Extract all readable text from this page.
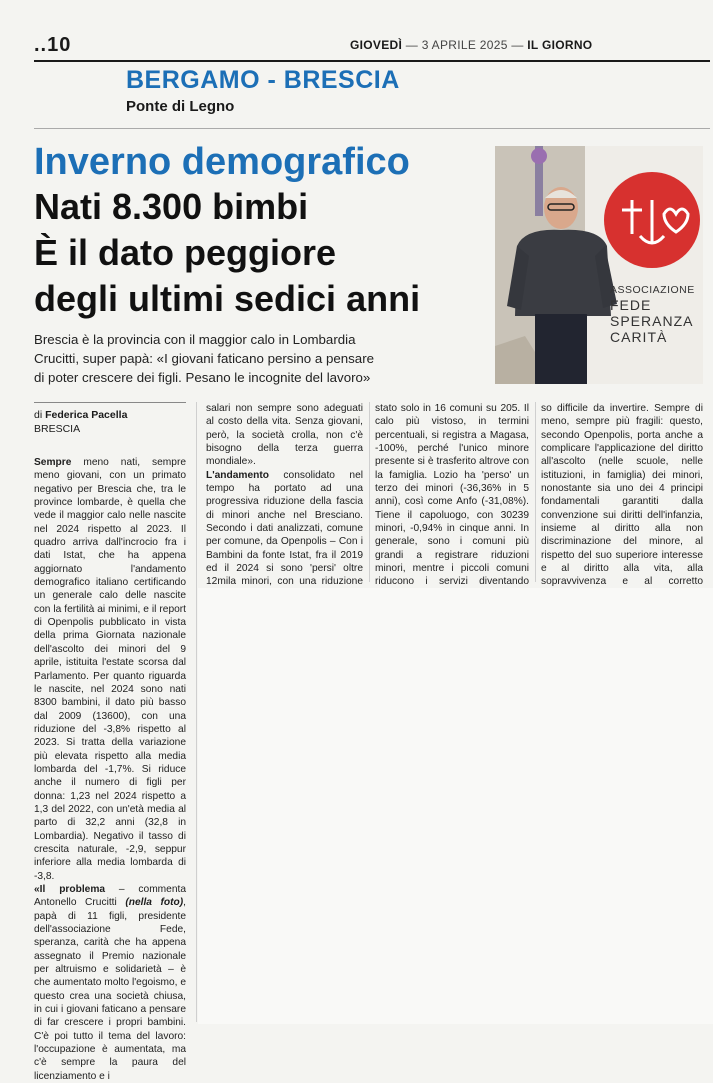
..10	GIOVEDÌ — 3 APRILE 2025 — IL GIORNO
BERGAMO - BRESCIA
Ponte di Legno
Inverno demografico
Nati 8.300 bimbi
È il dato peggiore
degli ultimi sedici anni
Brescia è la provincia con il maggior calo in Lombardia
Crucitti, super papà: «I giovani faticano persino a pensare
di poter crescere dei figli. Pesano le incognite del lavoro»
ASSOCIAZIONE
FEDE
SPERANZA
CARITÀ
di Federica Pacella
BRESCIA

Sempre meno nati, sempre meno giovani, con un primato negativo per Brescia che, tra le province lombarde, è quella che vede il maggior calo nelle nascite nel 2024 rispetto al 2023. Il quadro arriva dall'incrocio fra i dati Istat, che ha appena aggiornato l'andamento demografico italiano certificando un generale calo delle nascite con la fertilità ai minimi, e il report di Openpolis pubblicato in vista della prima Giornata nazionale dell'ascolto dei minori del 9 aprile, istituita l'estate scorsa dal Parlamento. Per quanto riguarda le nascite, nel 2024 sono nati 8300 bambini, il dato più basso dal 2009 (13600), con una riduzione del -3,8% rispetto al 2023. Si tratta della variazione più elevata rispetto alla media lombarda del -1,7%. Si riduce anche il numero di figli per donna: 1,23 nel 2024 rispetto a 1,3 del 2022, con un'età media al parto di 32,2 anni (32,8 in Lombardia). Negativo il tasso di crescita naturale, -2,9, seppur inferiore alla media lombarda di -3,8.

«Il problema – commenta Antonello Crucitti (nella foto), papà di 11 figli, presidente dell'associazione Fede, speranza, carità che ha appena assegnato il Premio nazionale per altruismo e solidarietà – è che aumentato molto l'egoismo, e questo crea una società chiusa, in cui i giovani faticano a pensare di far crescere i propri bambini. C'è poi tutto il tema del lavoro: l'occupazione è aumentata, ma c'è sempre la paura del licenziamento e i

salari non sempre sono adeguati al costo della vita. Senza giovani, però, la società crolla, non c'è bisogno della terza guerra mondiale».

L'andamento consolidato nel tempo ha portato ad una progressiva riduzione della fascia di minori anche nel Bresciano. Secondo i dati analizzati, comune per comune, da Openpolis – Con i Bambini da fonte Istat, fra il 2019 ed il 2024 si sono 'persi' oltre 12mila minori, con una riduzione

stato solo in 16 comuni su 205. Il calo più vistoso, in termini percentuali, si registra a Magasa, -100%, perché l'unico minore presente si è trasferito altrove con la famiglia. Lozio ha 'perso' un terzo dei minori (-36,36% in 5 anni), così come Anfo (-31,08%). Tiene il capoluogo, con 30239 minori, -0,94% in cinque anni. In generale, sono i comuni più grandi a registrare riduzioni minori, mentre i piccoli comuni riducono i servizi diventando

so difficile da invertire. Sempre di meno, sempre più fragili: questo, secondo Openpolis, porta anche a complicare l'applicazione del diritto all'ascolto (nelle scuole, nelle istituzioni, in famiglia) dei minori, nonostante sia uno dei 4 principi fondamentali garantiti dalla convenzione sui diritti dell'infanzia, insieme al diritto alla non discriminazione del minore, al rispetto del suo superiore interesse e al diritto alla vita, alla sopravvivenza e al corretto
